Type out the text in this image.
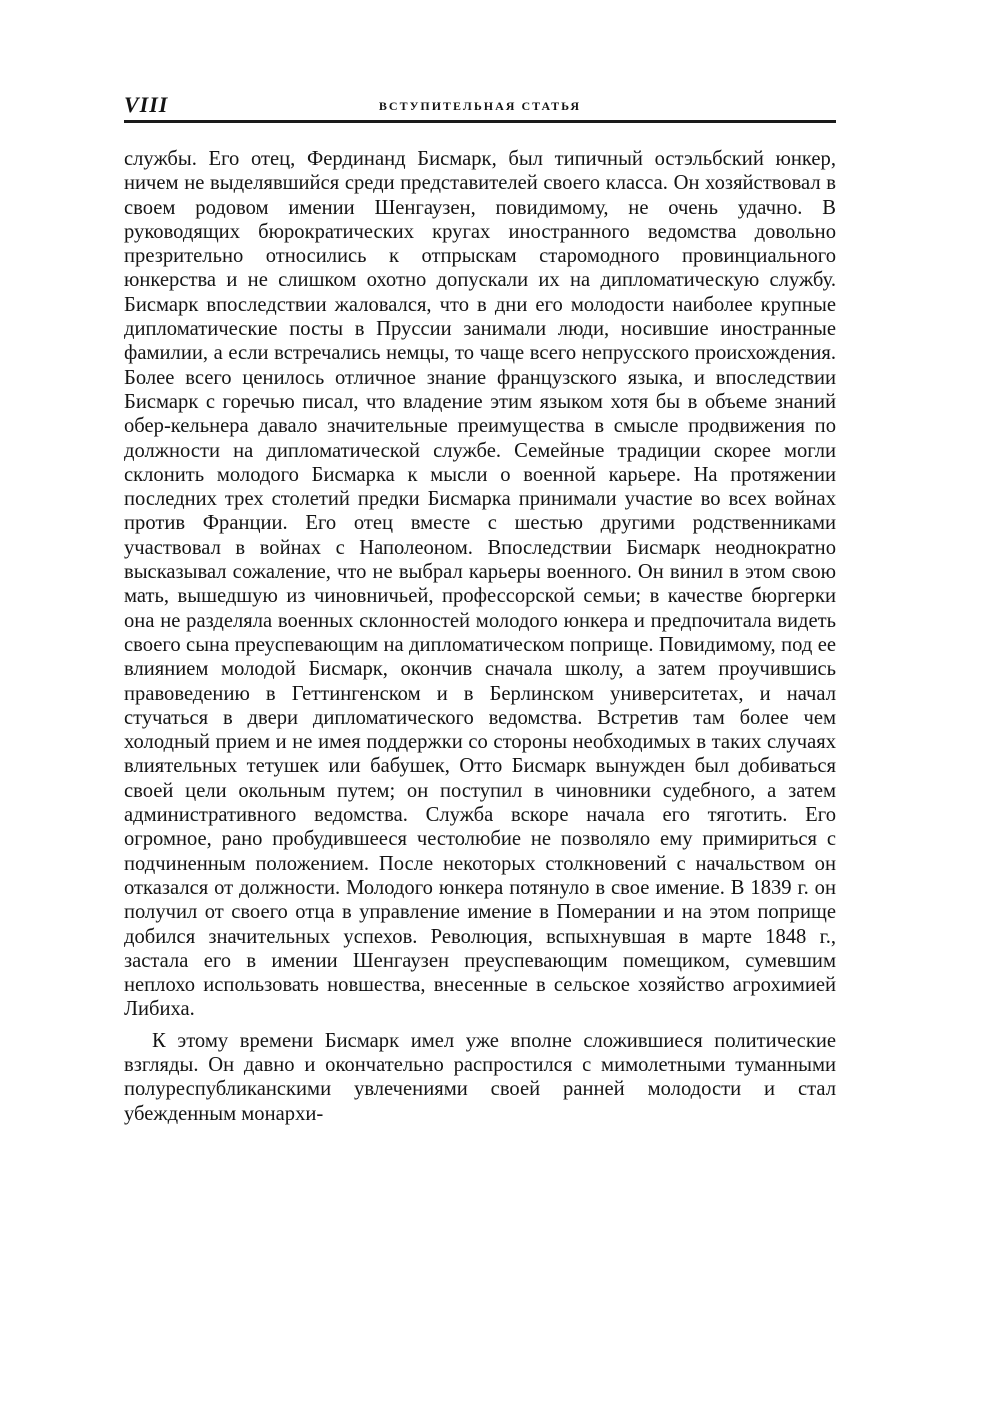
VIII	ВСТУПИТЕЛЬНАЯ СТАТЬЯ

службы. Его отец, Фердинанд Бисмарк, был типичный остэльбский юнкер, ничем не выделявшийся среди представителей своего класса. Он хозяйствовал в своем родовом имении Шенгаузен, повидимому, не очень удачно. В руководящих бюрократических кругах иностранного ведомства довольно презрительно относились к отпрыскам старомодного провинциального юнкерства и не слишком охотно допускали их на дипломатическую службу. Бисмарк впоследствии жаловался, что в дни его молодости наиболее крупные дипломатические посты в Пруссии занимали люди, носившие иностранные фамилии, а если встречались немцы, то чаще всего непрусского происхождения. Более всего ценилось отличное знание французского языка, и впоследствии Бисмарк с горечью писал, что владение этим языком хотя бы в объеме знаний обер-кельнера давало значительные преимущества в смысле продвижения по должности на дипломатической службе. Семейные традиции скорее могли склонить молодого Бисмарка к мысли о военной карьере. На протяжении последних трех столетий предки Бисмарка принимали участие во всех войнах против Франции. Его отец вместе с шестью другими родственниками участвовал в войнах с Наполеоном. Впоследствии Бисмарк неоднократно высказывал сожаление, что не выбрал карьеры военного. Он винил в этом свою мать, вышедшую из чиновничьей, профессорской семьи; в качестве бюргерки она не разделяла военных склонностей молодого юнкера и предпочитала видеть своего сына преуспевающим на дипломатическом поприще. Повидимому, под ее влиянием молодой Бисмарк, окончив сначала школу, а затем проучившись правоведению в Геттингенском и в Берлинском университетах, и начал стучаться в двери дипломатического ведомства. Встретив там более чем холодный прием и не имея поддержки со стороны необходимых в таких случаях влиятельных тетушек или бабушек, Отто Бисмарк вынужден был добиваться своей цели окольным путем; он поступил в чиновники судебного, а затем административного ведомства. Служба вскоре начала его тяготить. Его огромное, рано пробудившееся честолюбие не позволяло ему примириться с подчиненным положением. После некоторых столкновений с начальством он отказался от должности. Молодого юнкера потянуло в свое имение. В 1839 г. он получил от своего отца в управление имение в Померании и на этом поприще добился значительных успехов. Революция, вспыхнувшая в марте 1848 г., застала его в имении Шенгаузен преуспевающим помещиком, сумевшим неплохо использовать новшества, внесенные в сельское хозяйство агрохимией Либиха.

К этому времени Бисмарк имел уже вполне сложившиеся политические взгляды. Он давно и окончательно распростился с мимолетными туманными полуреспубликанскими увлечениями своей ранней молодости и стал убежденным монархи-
